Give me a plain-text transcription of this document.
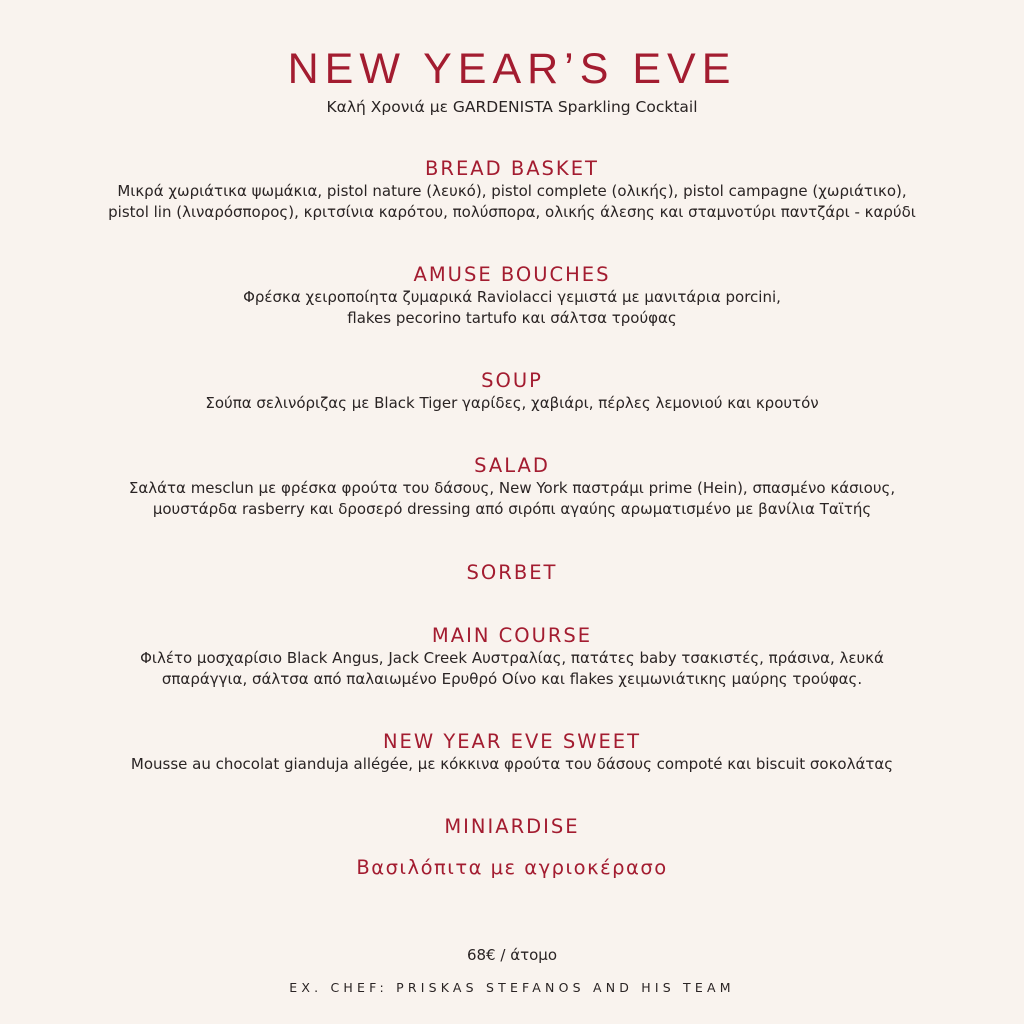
NEW YEAR’S EVE
Καλή Χρονιά με GARDENISTA Sparkling Cocktail
BREAD BASKET

Μικρά χωριάτικα ψωμάκια, pistol nature (λευκό), pistol complete (ολικής), pistol campagne (χωριάτικο),

pistol lin (λιναρόσπορος), κριτσίνια καρότου, πολύσπορα, ολικής άλεσης και σταμνοτύρι παντζάρι - καρύδι

AMUSE BOUCHES

Φρέσκα χειροποίητα ζυμαρικά Raviolacci γεμιστά με μανιτάρια porcini,

flakes pecorino tartufo και σάλτσα τρούφας

SOUP

Σούπα σελινόριζας με Black Tiger γαρίδες, χαβιάρι, πέρλες λεμονιού και κρουτόν

SALAD

Σαλάτα mesclun με φρέσκα φρούτα του δάσους, New York παστράμι prime (Hein), σπασμένο κάσιους,

μουστάρδα rasberry και δροσερό dressing από σιρόπι αγαύης αρωματισμένο με βανίλια Ταϊτής

SORBET
MAIN COURSE

Φιλέτο μοσχαρίσιο Black Angus, Jack Creek Αυστραλίας, πατάτες baby τσακιστές, πράσινα, λευκά

σπαράγγια, σάλτσα από παλαιωμένο Ερυθρό Οίνο και flakes χειμωνιάτικης μαύρης τρούφας.

NEW YEAR EVE SWEET

Mousse au chocolat gianduja allégée, με κόκκινα φρούτα του δάσους compoté και biscuit σοκολάτας

MINIARDISE
Βασιλόπιτα με αγριοκέρασο
68€ / άτομο
EX. CHEF: PRISKAS STEFANOS AND HIS TEAM
